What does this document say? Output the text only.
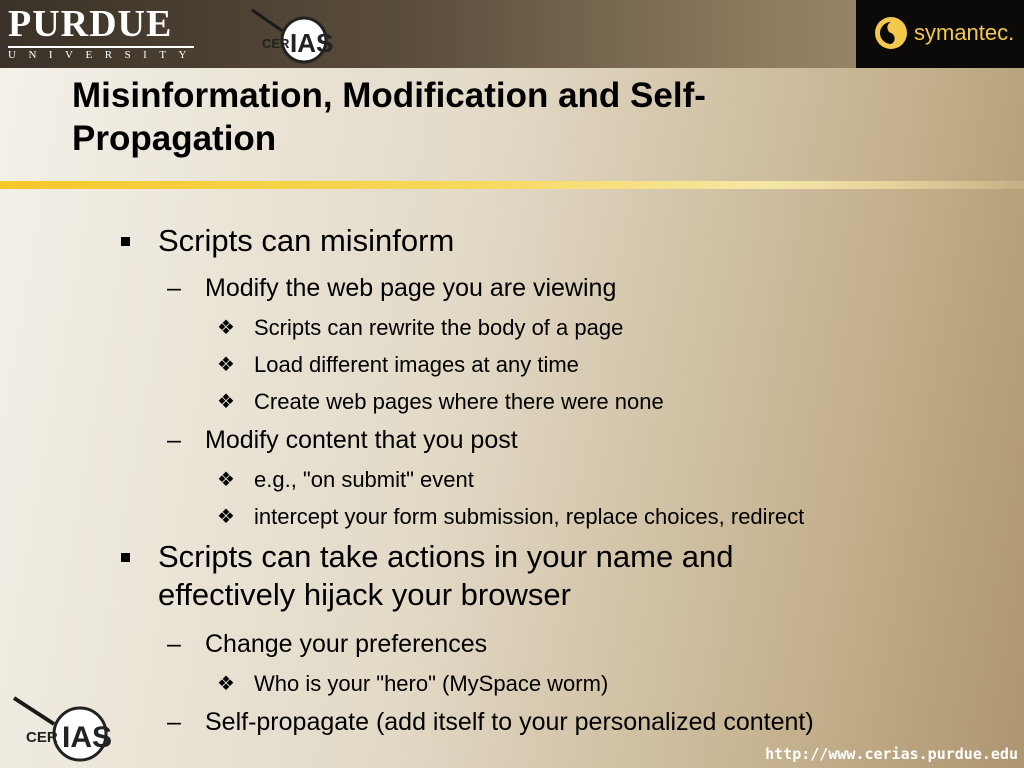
PURDUE
UNIVERSITY
CER IAS	symantec.
Misinformation, Modification and Self-
Propagation
Scripts can misinform
– Modify the web page you are viewing
❖ Scripts can rewrite the body of a page
❖ Load different images at any time
❖ Create web pages where there were none
– Modify content that you post
❖ e.g., "on submit" event
❖ intercept your form submission, replace choices, redirect
Scripts can take actions in your name and
effectively hijack your browser
– Change your preferences
❖ Who is your "hero" (MySpace worm)
– Self-propagate (add itself to your personalized content)
CER IAS	http://www.cerias.purdue.edu
